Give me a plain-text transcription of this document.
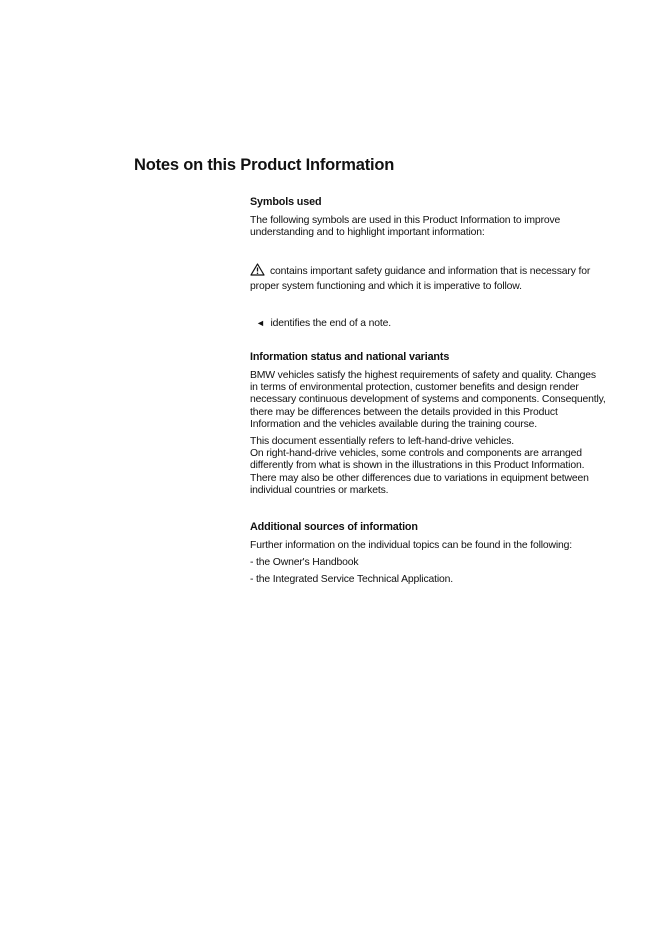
Notes on this Product Information
Symbols used

The following symbols are used in this Product Information to improve understanding and to highlight important information:

contains important safety guidance and information that is necessary for proper system functioning and which it is imperative to follow.

◄ identifies the end of a note.

Information status and national variants

BMW vehicles satisfy the highest requirements of safety and quality. Changes in terms of environmental protection, customer benefits and design render necessary continuous development of systems and components. Consequently, there may be differences between the details provided in this Product Information and the vehicles available during the training course.

This document essentially refers to left-hand-drive vehicles.

On right-hand-drive vehicles, some controls and components are arranged differently from what is shown in the illustrations in this Product Information. There may also be other differences due to variations in equipment between individual countries or markets.

Additional sources of information

Further information on the individual topics can be found in the following:

- the Owner's Handbook

- the Integrated Service Technical Application.
